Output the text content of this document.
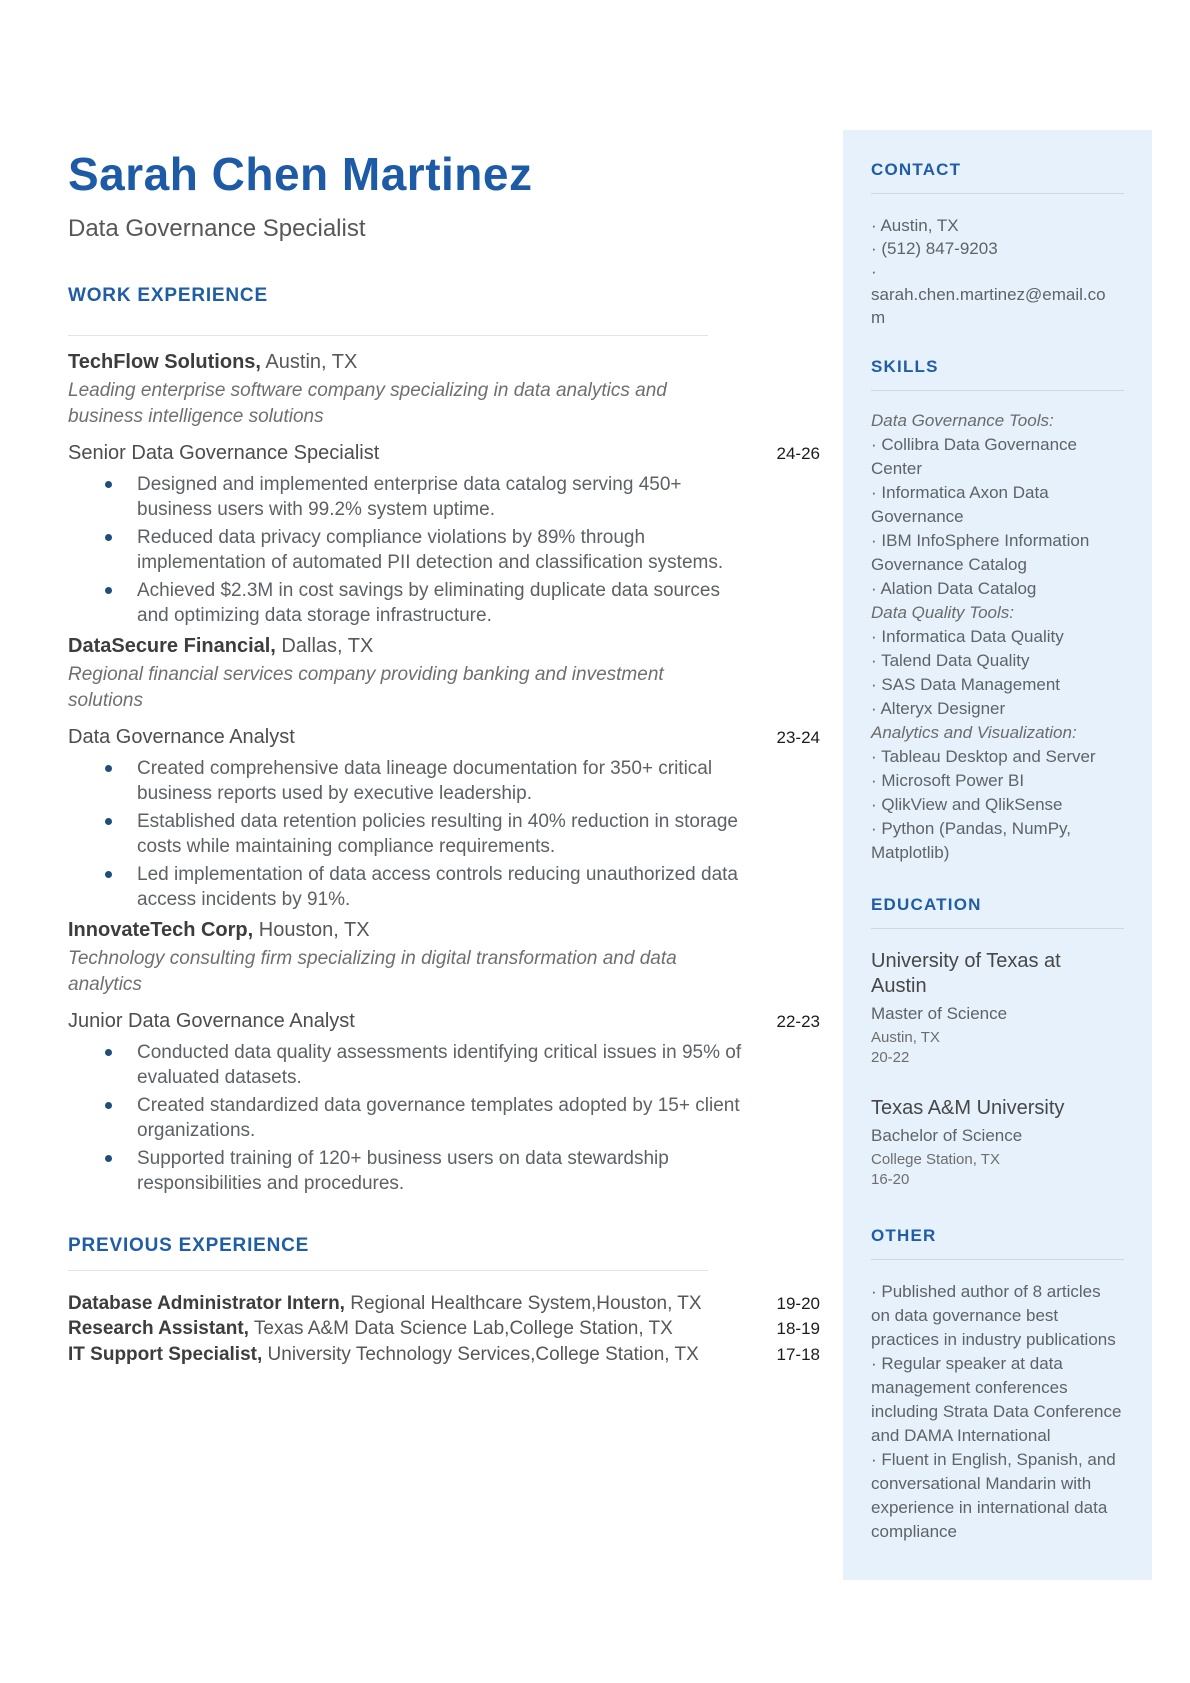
Sarah Chen Martinez
Data Governance Specialist
WORK EXPERIENCE
TechFlow Solutions, Austin, TX
Leading enterprise software company specializing in data analytics and business intelligence solutions
Senior Data Governance Specialist	24-26
Designed and implemented enterprise data catalog serving 450+ business users with 99.2% system uptime.
Reduced data privacy compliance violations by 89% through implementation of automated PII detection and classification systems.
Achieved $2.3M in cost savings by eliminating duplicate data sources and optimizing data storage infrastructure.
DataSecure Financial, Dallas, TX
Regional financial services company providing banking and investment solutions
Data Governance Analyst	23-24
Created comprehensive data lineage documentation for 350+ critical business reports used by executive leadership.
Established data retention policies resulting in 40% reduction in storage costs while maintaining compliance requirements.
Led implementation of data access controls reducing unauthorized data access incidents by 91%.
InnovateTech Corp, Houston, TX
Technology consulting firm specializing in digital transformation and data analytics
Junior Data Governance Analyst	22-23
Conducted data quality assessments identifying critical issues in 95% of evaluated datasets.
Created standardized data governance templates adopted by 15+ client organizations.
Supported training of 120+ business users on data stewardship responsibilities and procedures.
PREVIOUS EXPERIENCE
Database Administrator Intern, Regional Healthcare System,Houston, TX	19-20
Research Assistant, Texas A&M Data Science Lab,College Station, TX	18-19
IT Support Specialist, University Technology Services,College Station, TX	17-18
CONTACT
· Austin, TX
· (512) 847-9203
· sarah.chen.martinez@email.com
SKILLS
Data Governance Tools:
· Collibra Data Governance Center
· Informatica Axon Data Governance
· IBM InfoSphere Information Governance Catalog
· Alation Data Catalog
Data Quality Tools:
· Informatica Data Quality
· Talend Data Quality
· SAS Data Management
· Alteryx Designer
Analytics and Visualization:
· Tableau Desktop and Server
· Microsoft Power BI
· QlikView and QlikSense
· Python (Pandas, NumPy, Matplotlib)
EDUCATION
University of Texas at Austin
Master of Science
Austin, TX
20-22
Texas A&M University
Bachelor of Science
College Station, TX
16-20
OTHER
· Published author of 8 articles on data governance best practices in industry publications
· Regular speaker at data management conferences including Strata Data Conference and DAMA International
· Fluent in English, Spanish, and conversational Mandarin with experience in international data compliance
